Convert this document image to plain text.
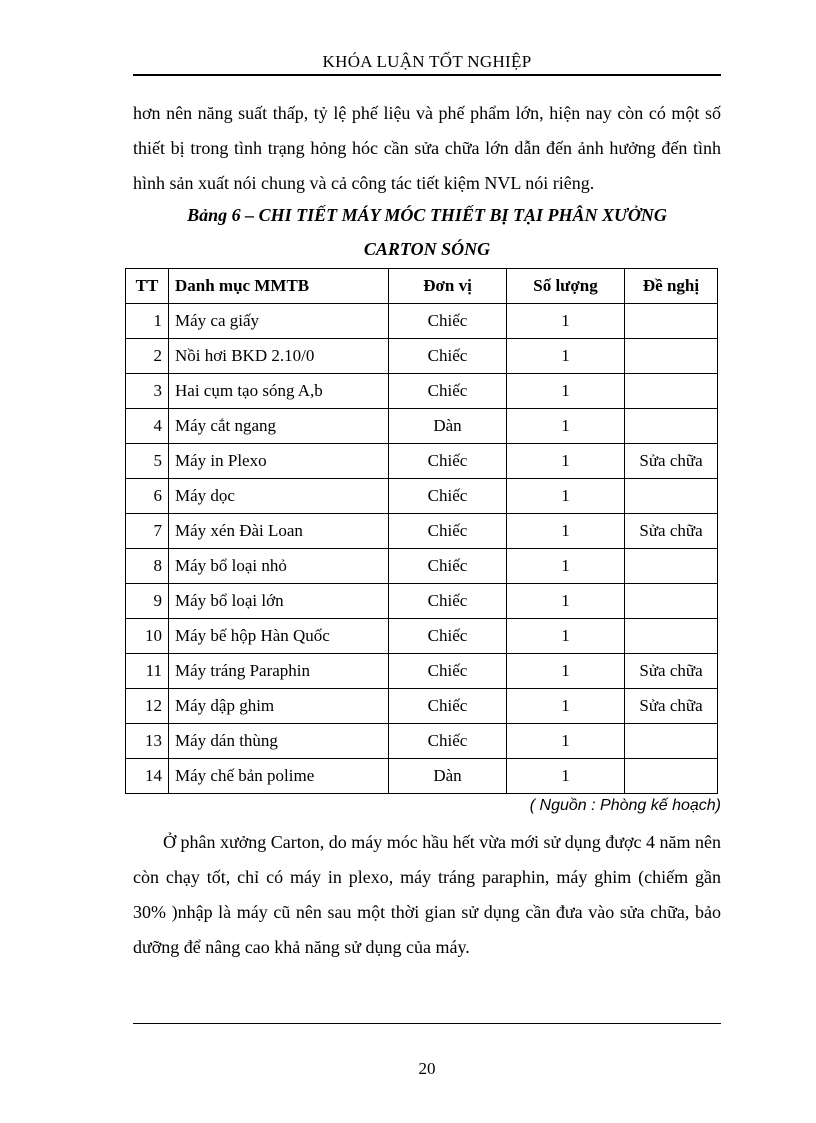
KHÓA LUẬN TỐT NGHIỆP

hơn nên năng suất thấp, tỷ lệ phế liệu và phế phẩm lớn, hiện nay còn có một số thiết bị trong tình trạng hỏng hóc cần sửa chữa lớn dẫn đến ảnh hưởng đến tình hình sản xuất nói chung và cả công tác tiết kiệm NVL nói riêng.

Bảng 6 – CHI TIẾT MÁY MÓC THIẾT BỊ TẠI PHÂN XƯỞNG

CARTON SÓNG

TT	Danh mục MMTB	Đơn vị	Số lượng	Đề nghị
1	Máy ca giấy	Chiếc	1	
2	Nồi hơi BKD 2.10/0	Chiếc	1	
3	Hai cụm tạo sóng A,b	Chiếc	1	
4	Máy cắt ngang	Dàn	1	
5	Máy in Plexo	Chiếc	1	Sửa chữa
6	Máy dọc	Chiếc	1	
7	Máy xén Đài Loan	Chiếc	1	Sửa chữa
8	Máy bổ loại nhỏ	Chiếc	1	
9	Máy bổ loại lớn	Chiếc	1	
10	Máy bế hộp Hàn Quốc	Chiếc	1	
11	Máy tráng Paraphin	Chiếc	1	Sửa chữa
12	Máy dập ghim	Chiếc	1	Sửa chữa
13	Máy dán thùng	Chiếc	1	
14	Máy chế bản polime	Dàn	1	
( Nguồn : Phòng kế hoạch)

Ở phân xưởng Carton, do máy móc hầu hết vừa mới sử dụng được 4 năm nên còn chạy tốt, chỉ có máy in plexo, máy tráng paraphin, máy ghim (chiếm gần 30% )nhập là máy cũ nên sau một thời gian sử dụng cần đưa vào sửa chữa, bảo dưỡng để nâng cao khả năng sử dụng của máy.

20
